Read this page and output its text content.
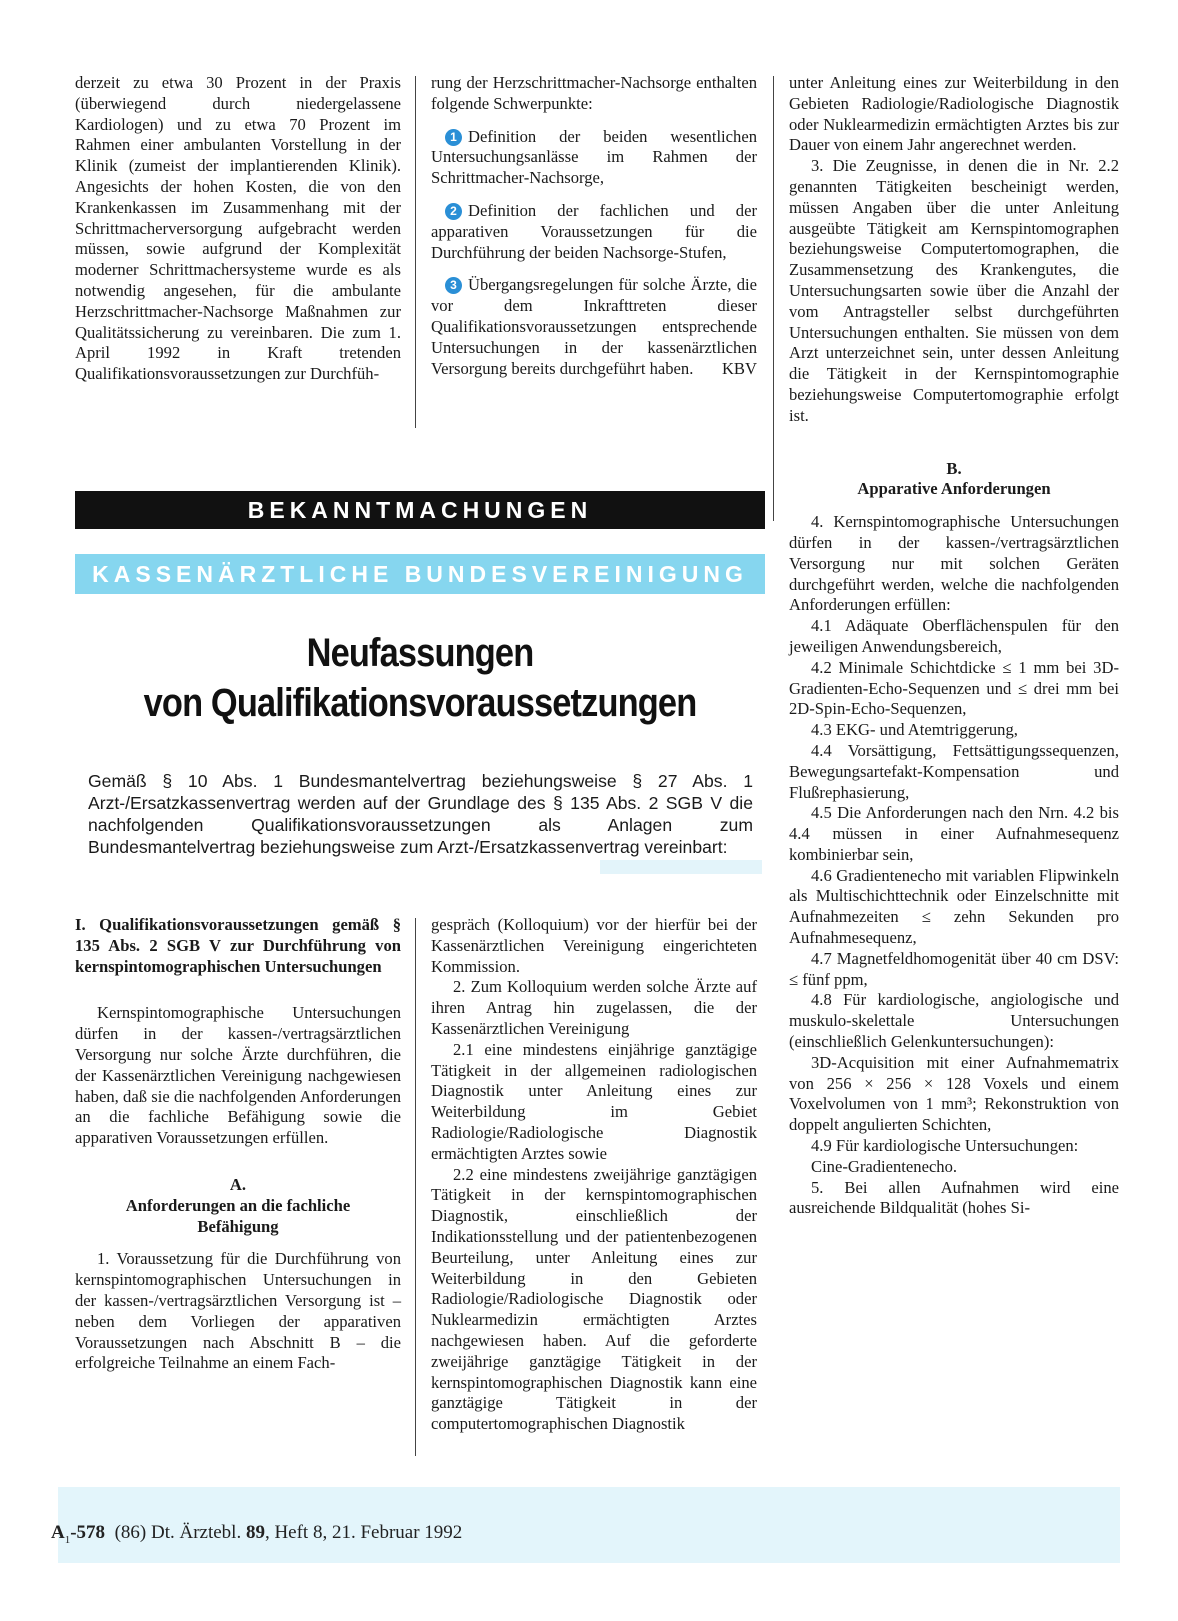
derzeit zu etwa 30 Prozent in der Praxis (überwiegend durch niedergelassene Kardiologen) und zu etwa 70 Prozent im Rahmen einer ambulanten Vorstellung in der Klinik (zumeist der implantierenden Klinik). Angesichts der hohen Kosten, die von den Krankenkassen im Zusammenhang mit der Schrittmacherversorgung aufgebracht werden müssen, sowie aufgrund der Komplexität moderner Schrittmachersysteme wurde es als notwendig angesehen, für die ambulante Herzschrittmacher-Nachsorge Maßnahmen zur Qualitätssicherung zu vereinbaren. Die zum 1. April 1992 in Kraft tretenden Qualifikationsvoraussetzungen zur Durchfüh-

rung der Herzschrittmacher-Nachsorge enthalten folgende Schwerpunkte:

1 Definition der beiden wesentlichen Untersuchungsanlässe im Rahmen der Schrittmacher-Nachsorge,

2 Definition der fachlichen und der apparativen Voraussetzungen für die Durchführung der beiden Nachsorge-Stufen,

3 Übergangsregelungen für solche Ärzte, die vor dem Inkrafttreten dieser Qualifikationsvoraussetzungen entsprechende Untersuchungen in der kassenärztlichen Versorgung bereits durchgeführt haben. KBV

unter Anleitung eines zur Weiterbildung in den Gebieten Radiologie/Radiologische Diagnostik oder Nuklearmedizin ermächtigten Arztes bis zur Dauer von einem Jahr angerechnet werden.

3. Die Zeugnisse, in denen die in Nr. 2.2 genannten Tätigkeiten bescheinigt werden, müssen Angaben über die unter Anleitung ausgeübte Tätigkeit am Kernspintomographen beziehungsweise Computertomographen, die Zusammensetzung des Krankengutes, die Untersuchungsarten sowie über die Anzahl der vom Antragsteller selbst durchgeführten Untersuchungen enthalten. Sie müssen von dem Arzt unterzeichnet sein, unter dessen Anleitung die Tätigkeit in der Kernspintomographie beziehungsweise Computertomographie erfolgt ist.

B.

Apparative Anforderungen

4. Kernspintomographische Untersuchungen dürfen in der kassen-/vertragsärztlichen Versorgung nur mit solchen Geräten durchgeführt werden, welche die nachfolgenden Anforderungen erfüllen:

4.1 Adäquate Oberflächenspulen für den jeweiligen Anwendungsbereich,

4.2 Minimale Schichtdicke ≤ 1 mm bei 3D-Gradienten-Echo-Sequenzen und ≤ drei mm bei 2D-Spin-Echo-Sequenzen,

4.3 EKG- und Atemtriggerung,

4.4 Vorsättigung, Fettsättigungssequenzen, Bewegungsartefakt-Kompensation und Flußrephasierung,

4.5 Die Anforderungen nach den Nrn. 4.2 bis 4.4 müssen in einer Aufnahmesequenz kombinierbar sein,

4.6 Gradientenecho mit variablen Flipwinkeln als Multischichttechnik oder Einzelschnitte mit Aufnahmezeiten ≤ zehn Sekunden pro Aufnahmesequenz,

4.7 Magnetfeldhomogenität über 40 cm DSV: ≤ fünf ppm,

4.8 Für kardiologische, angiologische und muskulo-skelettale Untersuchungen (einschließlich Gelenkuntersuchungen):

3D-Acquisition mit einer Aufnahmematrix von 256 × 256 × 128 Voxels und einem Voxelvolumen von 1 mm³; Rekonstruktion von doppelt angulierten Schichten,

4.9 Für kardiologische Untersuchungen:

Cine-Gradientenecho.

5. Bei allen Aufnahmen wird eine ausreichende Bildqualität (hohes Si-

BEKANNTMACHUNGEN
KASSENÄRZTLICHE BUNDESVEREINIGUNG
Neufassungen
von Qualifikationsvoraussetzungen
Gemäß § 10 Abs. 1 Bundesmantelvertrag beziehungsweise § 27 Abs. 1 Arzt-/Ersatzkassenvertrag werden auf der Grundlage des § 135 Abs. 2 SGB V die nachfolgenden Qualifikationsvoraussetzungen als Anlagen zum Bundesmantelvertrag beziehungsweise zum Arzt-/Ersatzkassenvertrag vereinbart:

I. Qualifikationsvoraussetzungen gemäß § 135 Abs. 2 SGB V zur Durchführung von kernspintomographischen Untersuchungen

Kernspintomographische Untersuchungen dürfen in der kassen-/vertragsärztlichen Versorgung nur solche Ärzte durchführen, die der Kassenärztlichen Vereinigung nachgewiesen haben, daß sie die nachfolgenden Anforderungen an die fachliche Befähigung sowie die apparativen Voraussetzungen erfüllen.

A.

Anforderungen an die fachliche Befähigung

1. Voraussetzung für die Durchführung von kernspintomographischen Untersuchungen in der kassen-/vertragsärztlichen Versorgung ist – neben dem Vorliegen der apparativen Voraussetzungen nach Abschnitt B – die erfolgreiche Teilnahme an einem Fach-

gespräch (Kolloquium) vor der hierfür bei der Kassenärztlichen Vereinigung eingerichteten Kommission.

2. Zum Kolloquium werden solche Ärzte auf ihren Antrag hin zugelassen, die der Kassenärztlichen Vereinigung

2.1 eine mindestens einjährige ganztägige Tätigkeit in der allgemeinen radiologischen Diagnostik unter Anleitung eines zur Weiterbildung im Gebiet Radiologie/Radiologische Diagnostik ermächtigten Arztes sowie

2.2 eine mindestens zweijährige ganztägigen Tätigkeit in der kernspintomographischen Diagnostik, einschließlich der Indikationsstellung und der patientenbezogenen Beurteilung, unter Anleitung eines zur Weiterbildung in den Gebieten Radiologie/Radiologische Diagnostik oder Nuklearmedizin ermächtigten Arztes nachgewiesen haben. Auf die geforderte zweijährige ganztägige Tätigkeit in der kernspintomographischen Diagnostik kann eine ganztägige Tätigkeit in der computertomographischen Diagnostik

$A_1-578$ (86) Dt. Ärztebl. 89, Heft 8, 21. Februar 1992
